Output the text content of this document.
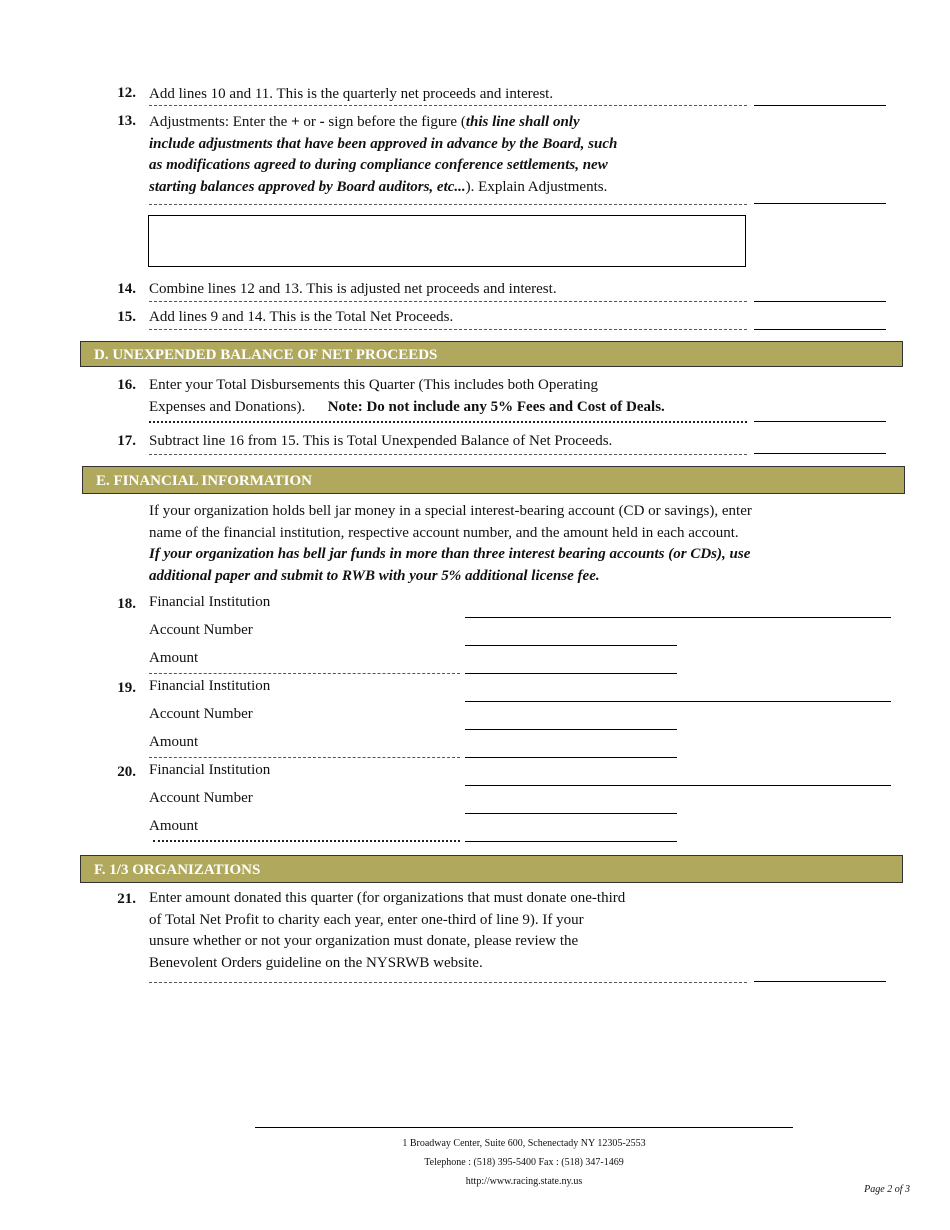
12. Add lines 10 and 11. This is the quarterly net proceeds and interest.
13. Adjustments: Enter the + or - sign before the figure (this line shall only
include adjustments that have been approved in advance by the Board, such
as modifications agreed to during compliance conference settlements, new
starting balances approved by Board auditors, etc...). Explain Adjustments.
14. Combine lines 12 and 13. This is adjusted net proceeds and interest.
15. Add lines 9 and 14. This is the Total Net Proceeds.
D. UNEXPENDED BALANCE OF NET PROCEEDS
16. Enter your Total Disbursements this Quarter (This includes both Operating
Expenses and Donations). Note: Do not include any 5% Fees and Cost of Deals.
17. Subtract line 16 from 15. This is Total Unexpended Balance of Net Proceeds.
E. FINANCIAL INFORMATION
If your organization holds bell jar money in a special interest-bearing account (CD or savings), enter
name of the financial institution, respective account number, and the amount held in each account.
If your organization has bell jar funds in more than three interest bearing accounts (or CDs), use
additional paper and submit to RWB with your 5% additional license fee.
18. Financial Institution
Account Number
Amount
19. Financial Institution
Account Number
Amount
20. Financial Institution
Account Number
Amount
F. 1/3 ORGANIZATIONS
21. Enter amount donated this quarter (for organizations that must donate one-third
of Total Net Profit to charity each year, enter one-third of line 9). If your
unsure whether or not your organization must donate, please review the
Benevolent Orders guideline on the NYSRWB website.
1 Broadway Center, Suite 600, Schenectady NY 12305-2553
Telephone : (518) 395-5400 Fax : (518) 347-1469
http://www.racing.state.ny.us
Page 2 of 3
